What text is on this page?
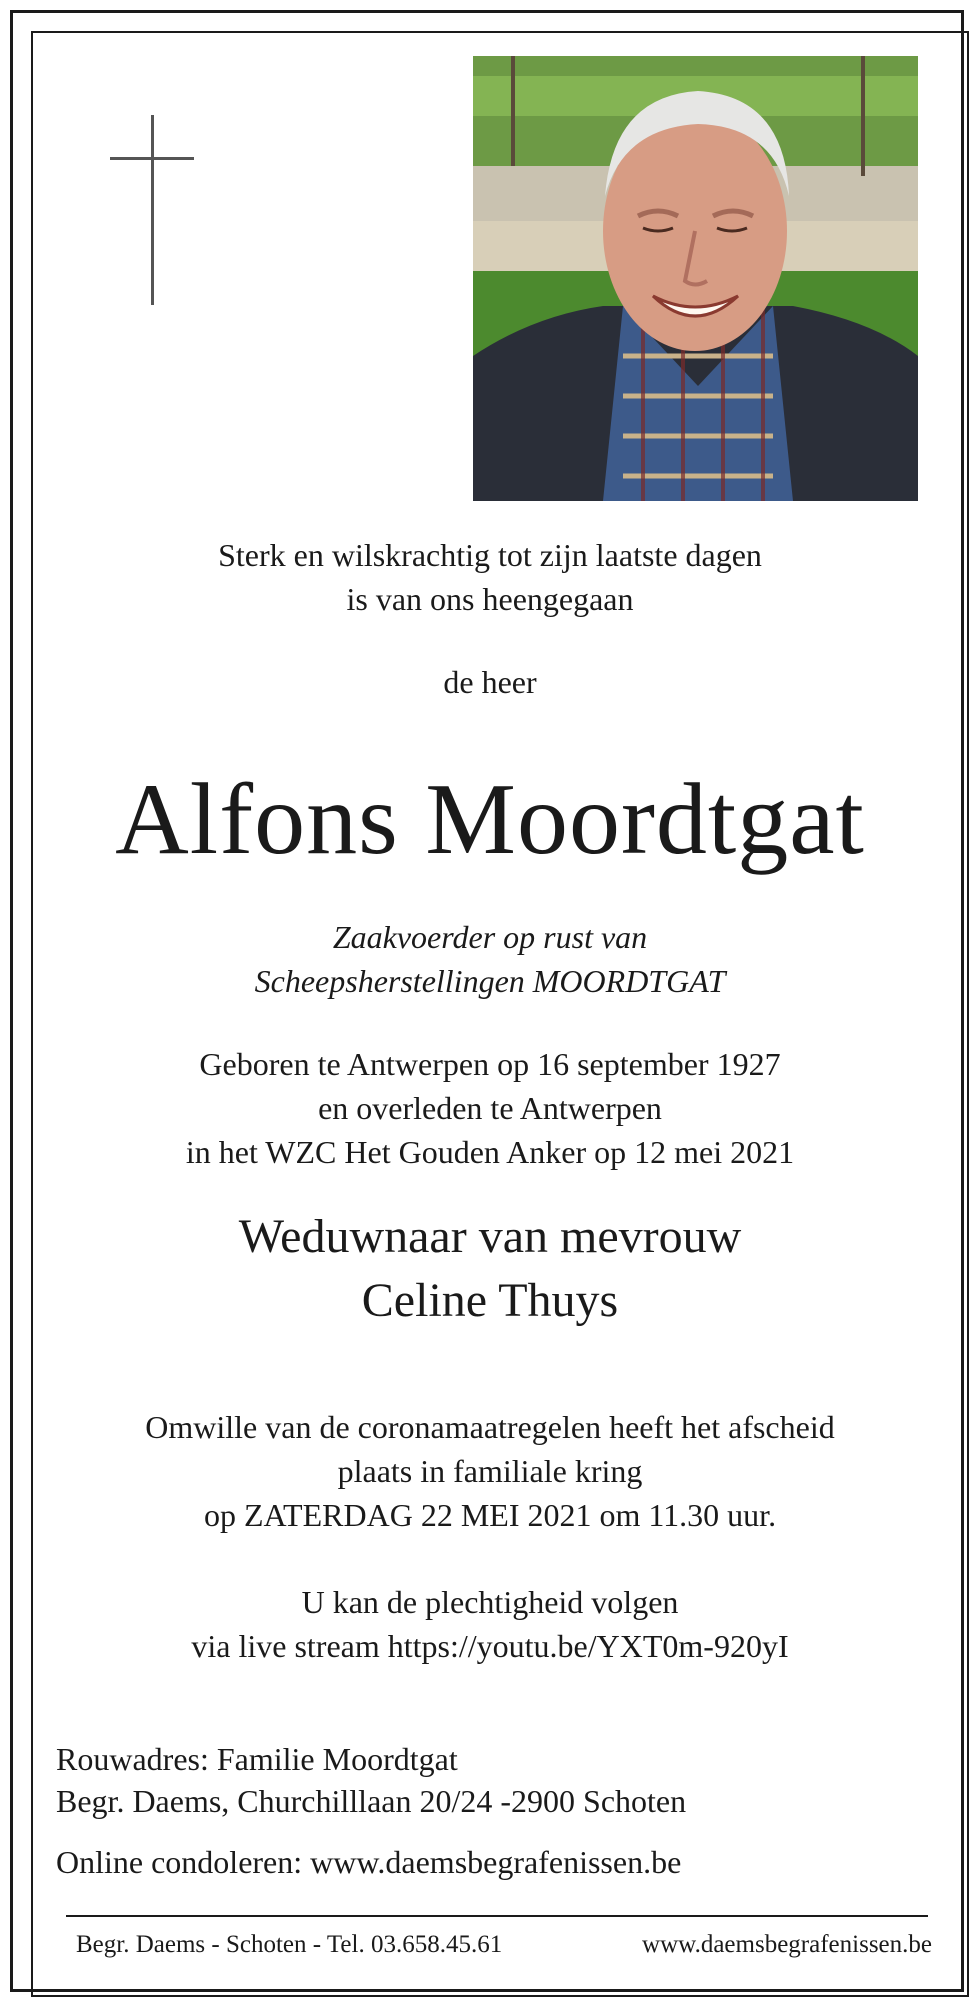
Sterk en wilskrachtig tot zijn laatste dagen
is van ons heengegaan
de heer
Alfons Moordtgat
Zaakvoerder op rust van
Scheepsherstellingen MOORDTGAT
Geboren te Antwerpen op 16 september 1927
en overleden te Antwerpen
in het WZC Het Gouden Anker op 12 mei 2021
Weduwnaar van mevrouw
Celine Thuys
Omwille van de coronamaatregelen heeft het afscheid
plaats in familiale kring
op ZATERDAG 22 MEI 2021 om 11.30 uur.
U kan de plechtigheid volgen
via live stream https://youtu.be/YXT0m-920yI
Rouwadres: Familie Moordtgat
Begr. Daems, Churchilllaan 20/24 -2900 Schoten
Online condoleren: www.daemsbegrafenissen.be
Begr. Daems - Schoten - Tel. 03.658.45.61	www.daemsbegrafenissen.be
